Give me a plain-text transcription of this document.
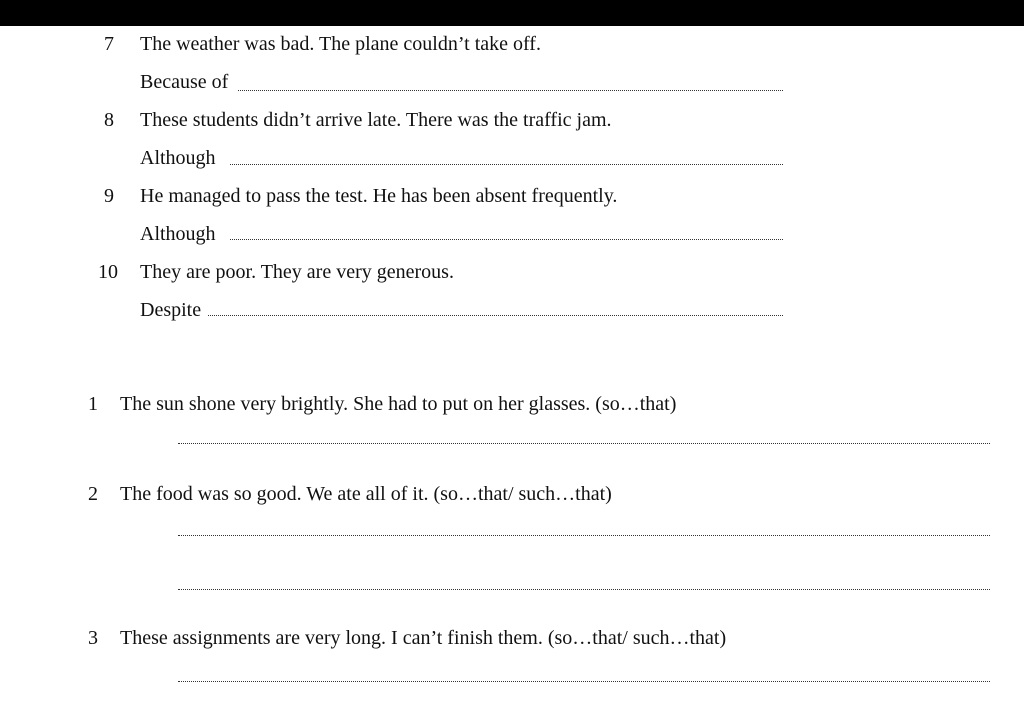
7 The weather was bad. The plane couldn’t take off.
Because of
8 These students didn’t arrive late. There was the traffic jam.
Although
9 He managed to pass the test. He has been absent frequently.
Although
10 They are poor. They are very generous.
Despite
1 The sun shone very brightly. She had to put on her glasses. (so…that)
2 The food was so good. We ate all of it. (so…that/ such…that)
3 These assignments are very long. I can’t finish them. (so…that/ such…that)
